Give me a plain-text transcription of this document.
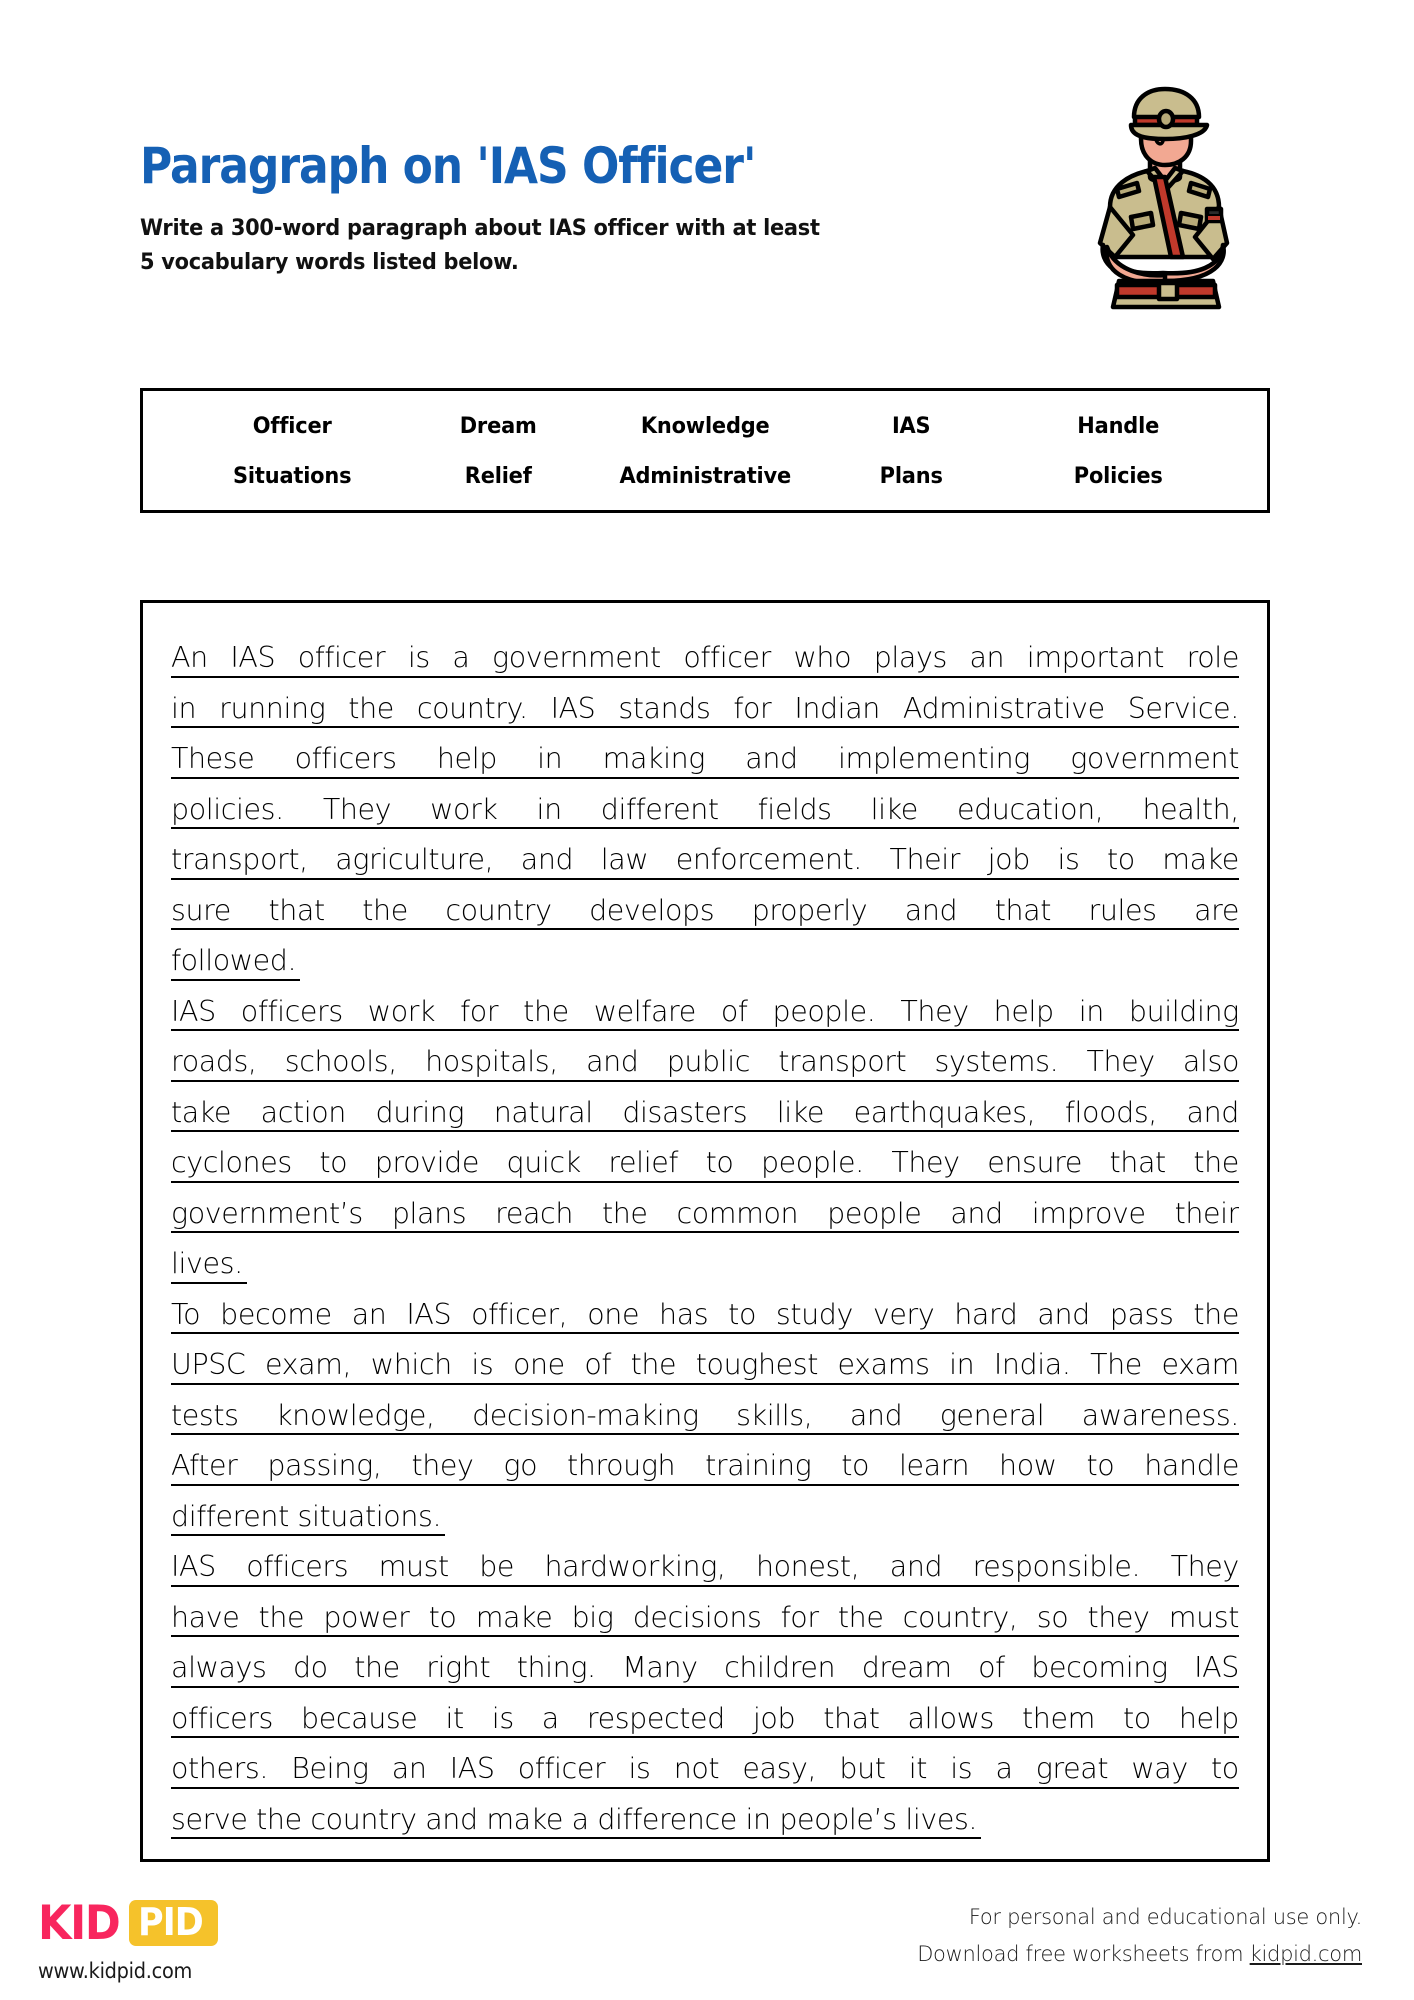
Paragraph on 'IAS Officer'
Write a 300-word paragraph about IAS officer with at least
5 vocabulary words listed below.
Officer	Dream	Knowledge	IAS	Handle
Situations	Relief	Administrative	Plans	Policies
An IAS officer is a government officer who plays an important role
in running the country. IAS stands for Indian Administrative Service.
These officers help in making and implementing government
policies. They work in different fields like education, health,
transport, agriculture, and law enforcement. Their job is to make
sure that the country develops properly and that rules are
followed.
IAS officers work for the welfare of people. They help in building
roads, schools, hospitals, and public transport systems. They also
take action during natural disasters like earthquakes, floods, and
cyclones to provide quick relief to people. They ensure that the
government’s plans reach the common people and improve their
lives.
To become an IAS officer, one has to study very hard and pass the
UPSC exam, which is one of the toughest exams in India. The exam
tests knowledge, decision-making skills, and general awareness.
After passing, they go through training to learn how to handle
different situations.
IAS officers must be hardworking, honest, and responsible. They
have the power to make big decisions for the country, so they must
always do the right thing. Many children dream of becoming IAS
officers because it is a respected job that allows them to help
others. Being an IAS officer is not easy, but it is a great way to
serve the country and make a difference in people’s lives.
KID PID
www.kidpid.com
For personal and educational use only.
Download free worksheets from kidpid.com
